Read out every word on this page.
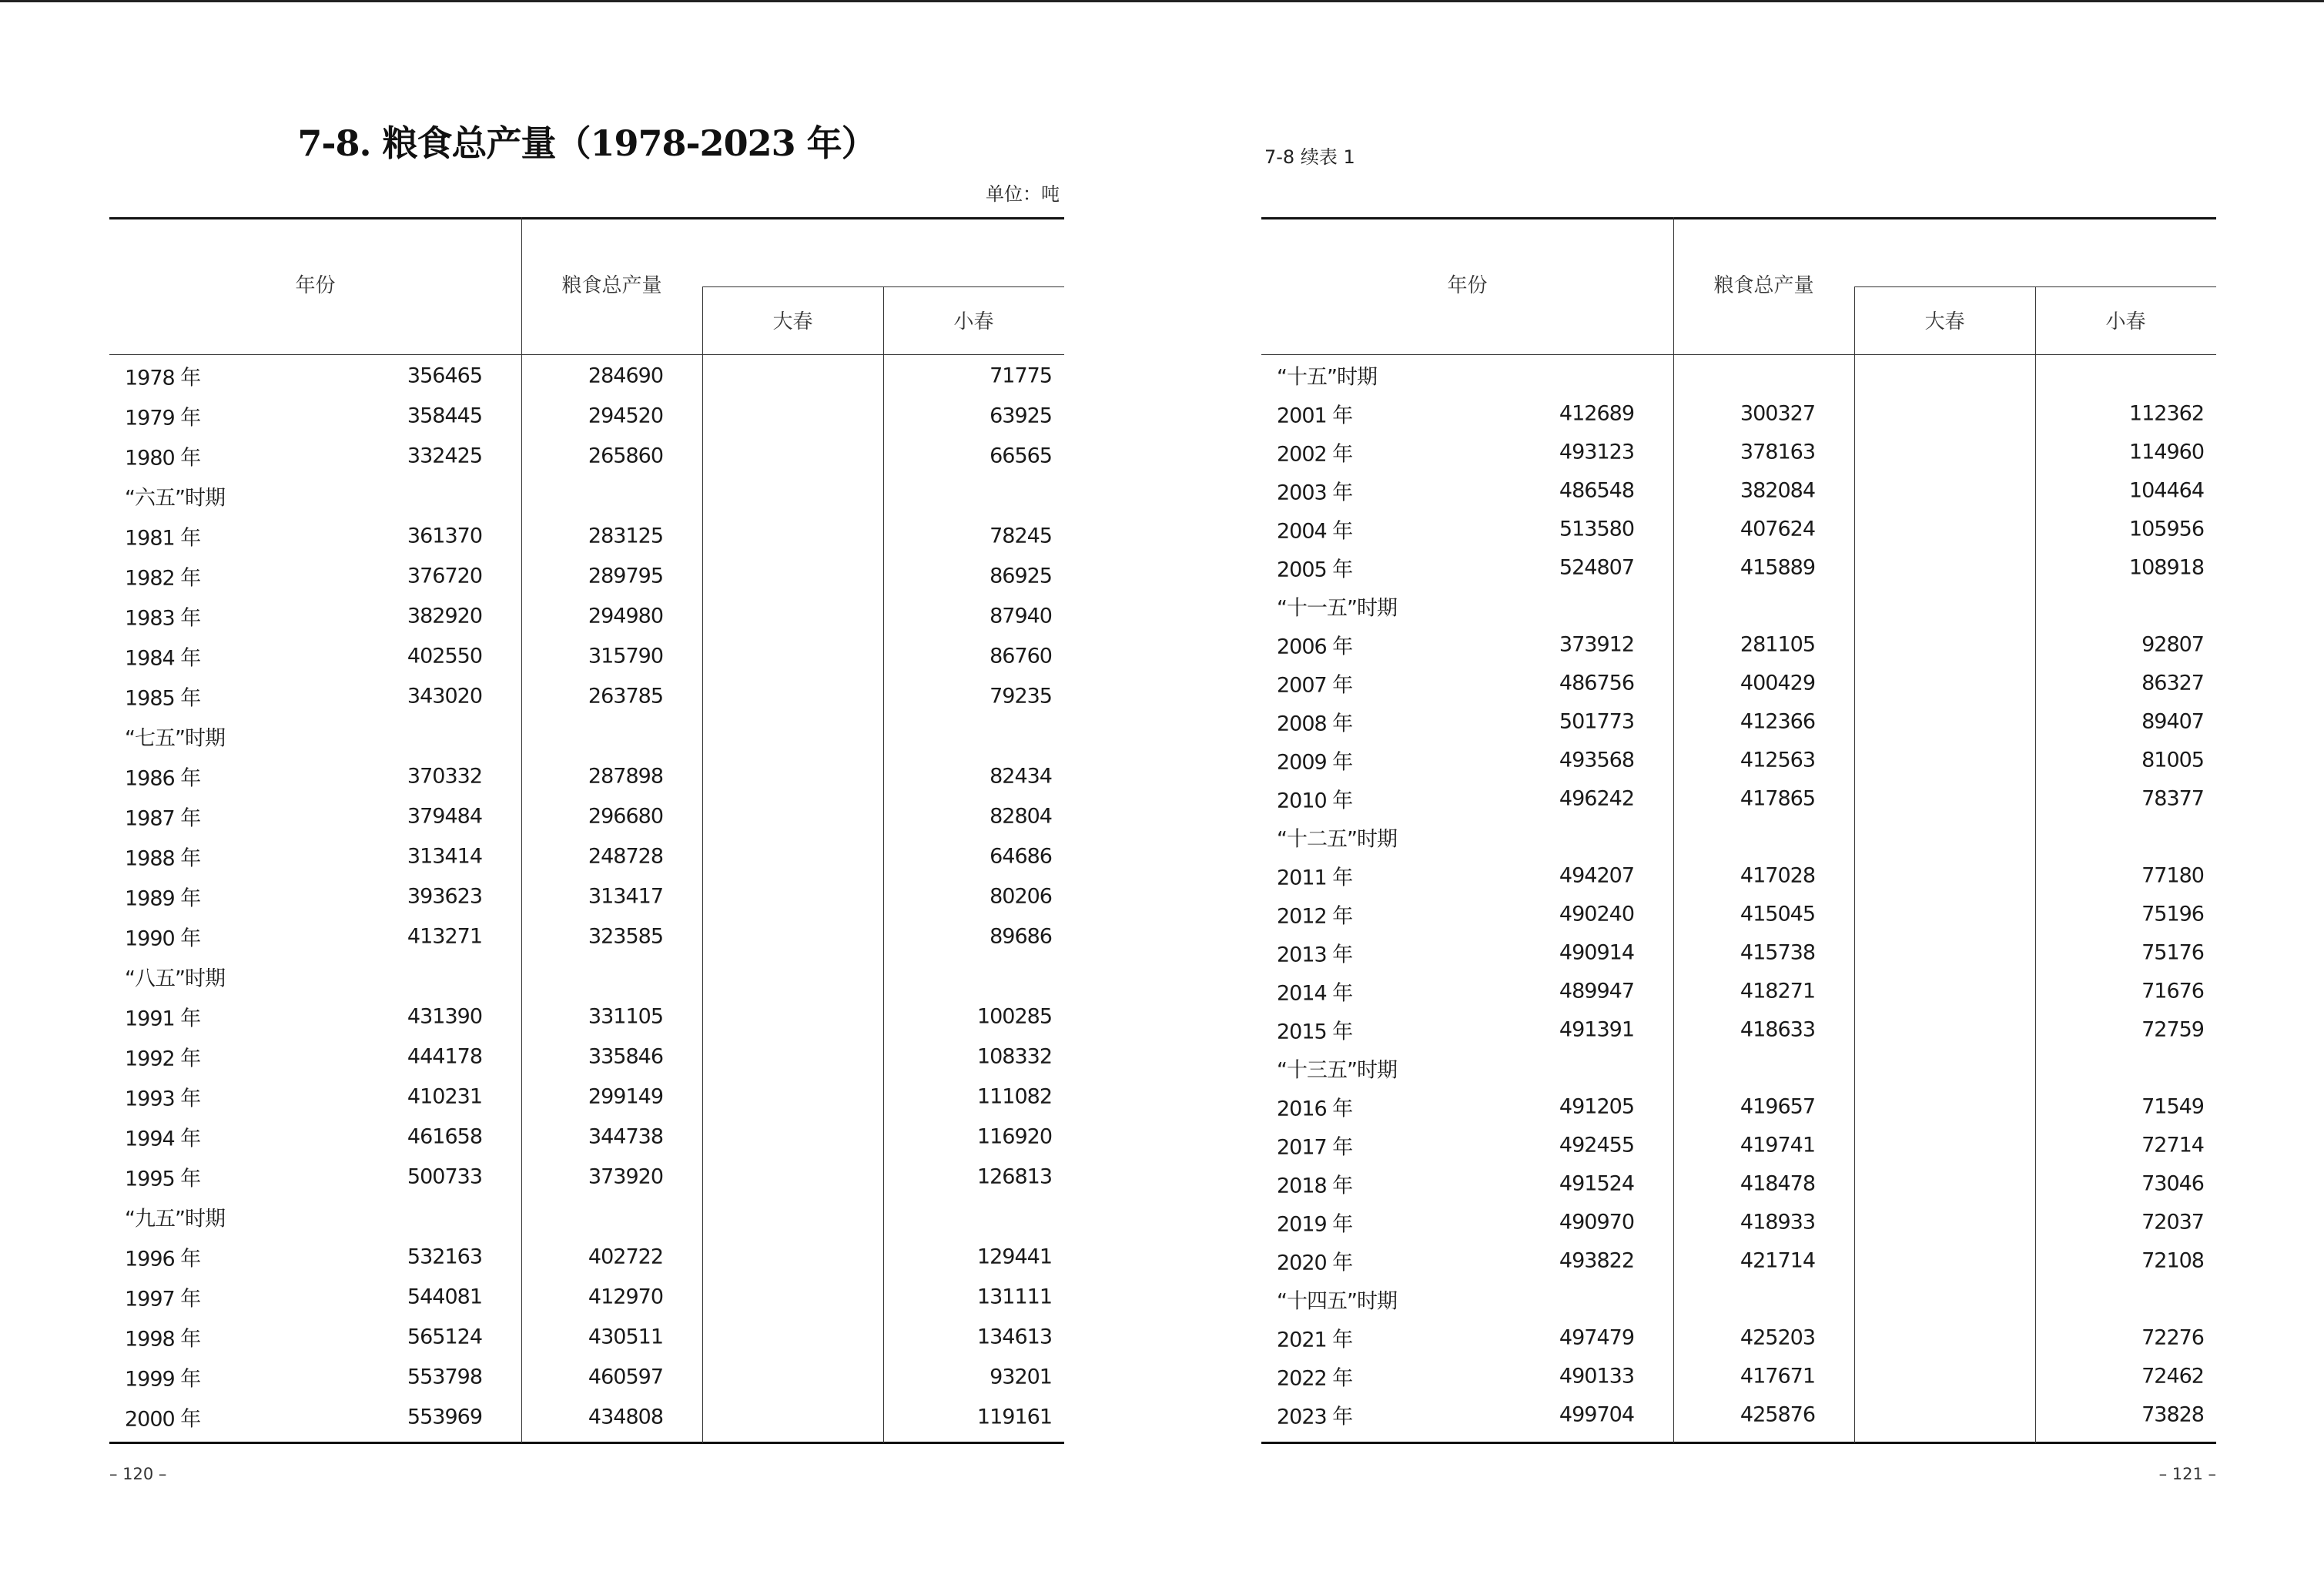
7-8. 粮食总产量（1978-2023 年）
单位：吨
年份	粮食总产量
大春	小春
1978 年	356465	284690	71775
1979 年	358445	294520	63925
1980 年	332425	265860	66565
“六五”时期
1981 年	361370	283125	78245
1982 年	376720	289795	86925
1983 年	382920	294980	87940
1984 年	402550	315790	86760
1985 年	343020	263785	79235
“七五”时期
1986 年	370332	287898	82434
1987 年	379484	296680	82804
1988 年	313414	248728	64686
1989 年	393623	313417	80206
1990 年	413271	323585	89686
“八五”时期
1991 年	431390	331105	100285
1992 年	444178	335846	108332
1993 年	410231	299149	111082
1994 年	461658	344738	116920
1995 年	500733	373920	126813
“九五”时期
1996 年	532163	402722	129441
1997 年	544081	412970	131111
1998 年	565124	430511	134613
1999 年	553798	460597	93201
2000 年	553969	434808	119161
– 120 –
7-8 续表 1
年份	粮食总产量
大春	小春
“十五”时期
2001 年	412689	300327	112362
2002 年	493123	378163	114960
2003 年	486548	382084	104464
2004 年	513580	407624	105956
2005 年	524807	415889	108918
“十一五”时期
2006 年	373912	281105	92807
2007 年	486756	400429	86327
2008 年	501773	412366	89407
2009 年	493568	412563	81005
2010 年	496242	417865	78377
“十二五”时期
2011 年	494207	417028	77180
2012 年	490240	415045	75196
2013 年	490914	415738	75176
2014 年	489947	418271	71676
2015 年	491391	418633	72759
“十三五”时期
2016 年	491205	419657	71549
2017 年	492455	419741	72714
2018 年	491524	418478	73046
2019 年	490970	418933	72037
2020 年	493822	421714	72108
“十四五”时期
2021 年	497479	425203	72276
2022 年	490133	417671	72462
2023 年	499704	425876	73828
– 121 –
